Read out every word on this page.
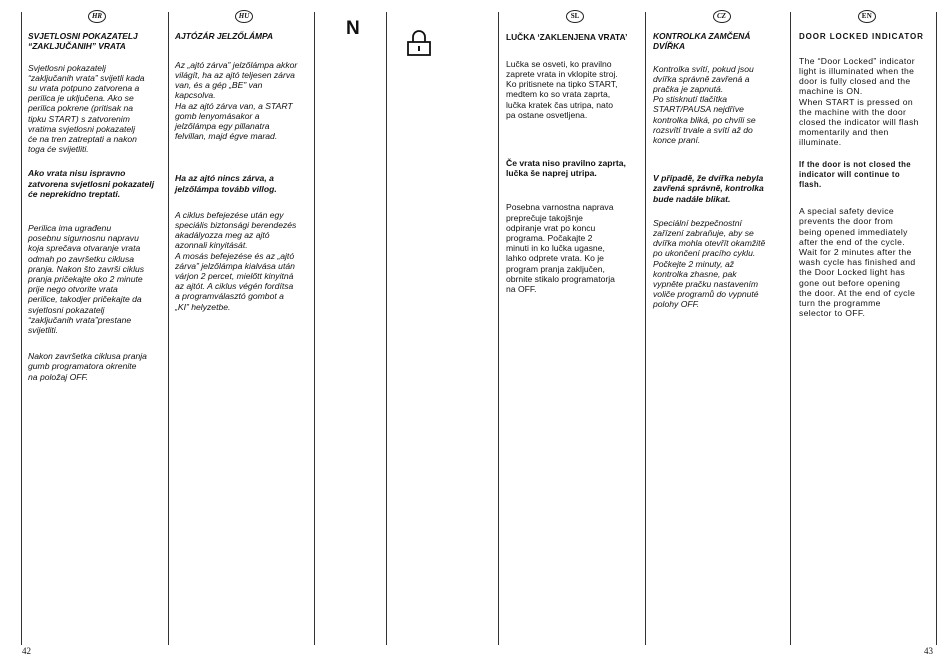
HR
SVJETLOSNI POKAZATELJ
“ZAKLJUČANIH” VRATA

Svjetlosni pokazatelj
“zaključanih vrata” svijetli kada
su vrata potpuno zatvorena a
perilica je uključena. Ako se
perilica pokrene (pritisak na
tipku START) s zatvorenim
vratima svjetlosni pokazatelj
će na tren zatreptati a nakon
toga će svijetliti.

Ako vrata nisu ispravno
zatvorena svjetlosni pokazatelj
će neprekidno treptati.

Perilica ima ugrađenu
posebnu sigurnosnu napravu
koja sprečava otvaranje vrata
odmah po završetku ciklusa
pranja. Nakon što završi ciklus
pranja pričekajte oko 2 minute
prije nego otvorite vrata
perilice, takodjer pričekajte da
svjetlosni pokazatelj
“zaključanih vrata”prestane
svijetliti.

Nakon završetka ciklusa pranja
gumb programatora okrenite
na položaj OFF.

HU
AJTÓZÁR JELZŐLÁMPA

Az „ajtó zárva” jelzőlámpa akkor
világít, ha az ajtó teljesen zárva
van, és a gép „BE” van
kapcsolva.
Ha az ajtó zárva van, a START
gomb lenyomásakor a
jelzőlámpa egy pillanatra
felvillan, majd égve marad.

Ha az ajtó nincs zárva, a
jelzőlámpa tovább villog.

A ciklus befejezése után egy
speciális biztonsági berendezés
akadályozza meg az ajtó
azonnali kinyitását.
A mosás befejezése és az „ajtó
zárva” jelzőlámpa kialvása után
várjon 2 percet, mielőtt kinyitná
az ajtót. A ciklus végén fordítsa
a programválasztó gombot a
„KI” helyzetbe.

N
SL
LUČKA ‘ZAKLENJENA VRATA’

Lučka se osveti, ko pravilno
zaprete vrata in vklopite stroj.
Ko pritisnete na tipko START,
medtem ko so vrata zaprta,
lučka kratek čas utripa, nato
pa ostane osvetljena.

Če vrata niso pravilno zaprta,
lučka še naprej utripa.

Posebna varnostna naprava
preprečuje takojšnje
odpiranje vrat po koncu
programa. Počakajte 2
minuti in ko lučka ugasne,
lahko odprete vrata. Ko je
program pranja zaključen,
obrnite stikalo programatorja
na OFF.

CZ
KONTROLKA ZAMČENÁ
DVÍŘKA

Kontrolka svítí, pokud jsou
dvířka správně zavřená a
pračka je zapnutá.
Po stisknutí tlačítka
START/PAUSA nejdříve
kontrolka bliká, po chvíli se
rozsvítí trvale a svítí až do
konce praní.

V případě, že dvířka nebyla
zavřená správně, kontrolka
bude nadále blikat.

Speciální bezpečnostní
zařízení zabraňuje, aby se
dvířka mohla otevřít okamžitě
po ukončení pracího cyklu.
Počkejte 2 minuty, až
kontrolka zhasne, pak
vypněte pračku nastavením
voliče programů do vypnuté
polohy OFF.

EN
DOOR LOCKED INDICATOR

The “Door Locked” indicator
light is illuminated when the
door is fully closed and the
machine is ON.
When START is pressed on
the machine with the door
closed the indicator will flash
momentarily and then
illuminate.

If the door is not closed the
indicator will continue to
flash.

A special safety device
prevents the door from
being opened immediately
after the end of the cycle.
Wait for 2 minutes after the
wash cycle has finished and
the Door Locked light has
gone out before opening
the door. At the end of cycle
turn the programme
selector to OFF.

42	43
